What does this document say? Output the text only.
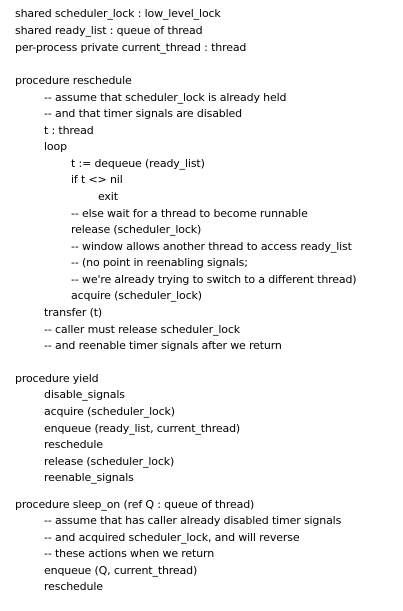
shared scheduler_lock : low_level_lock
shared ready_list : queue of thread
per-process private current_thread : thread
procedure reschedule
-- assume that scheduler_lock is already held
-- and that timer signals are disabled
t : thread
loop
t := dequeue (ready_list)
if t <> nil
exit
-- else wait for a thread to become runnable
release (scheduler_lock)
-- window allows another thread to access ready_list
-- (no point in reenabling signals;
-- we're already trying to switch to a different thread)
acquire (scheduler_lock)
transfer (t)
-- caller must release scheduler_lock
-- and reenable timer signals after we return
procedure yield
disable_signals
acquire (scheduler_lock)
enqueue (ready_list, current_thread)
reschedule
release (scheduler_lock)
reenable_signals
procedure sleep_on (ref Q : queue of thread)
-- assume that has caller already disabled timer signals
-- and acquired scheduler_lock, and will reverse
-- these actions when we return
enqueue (Q, current_thread)
reschedule
